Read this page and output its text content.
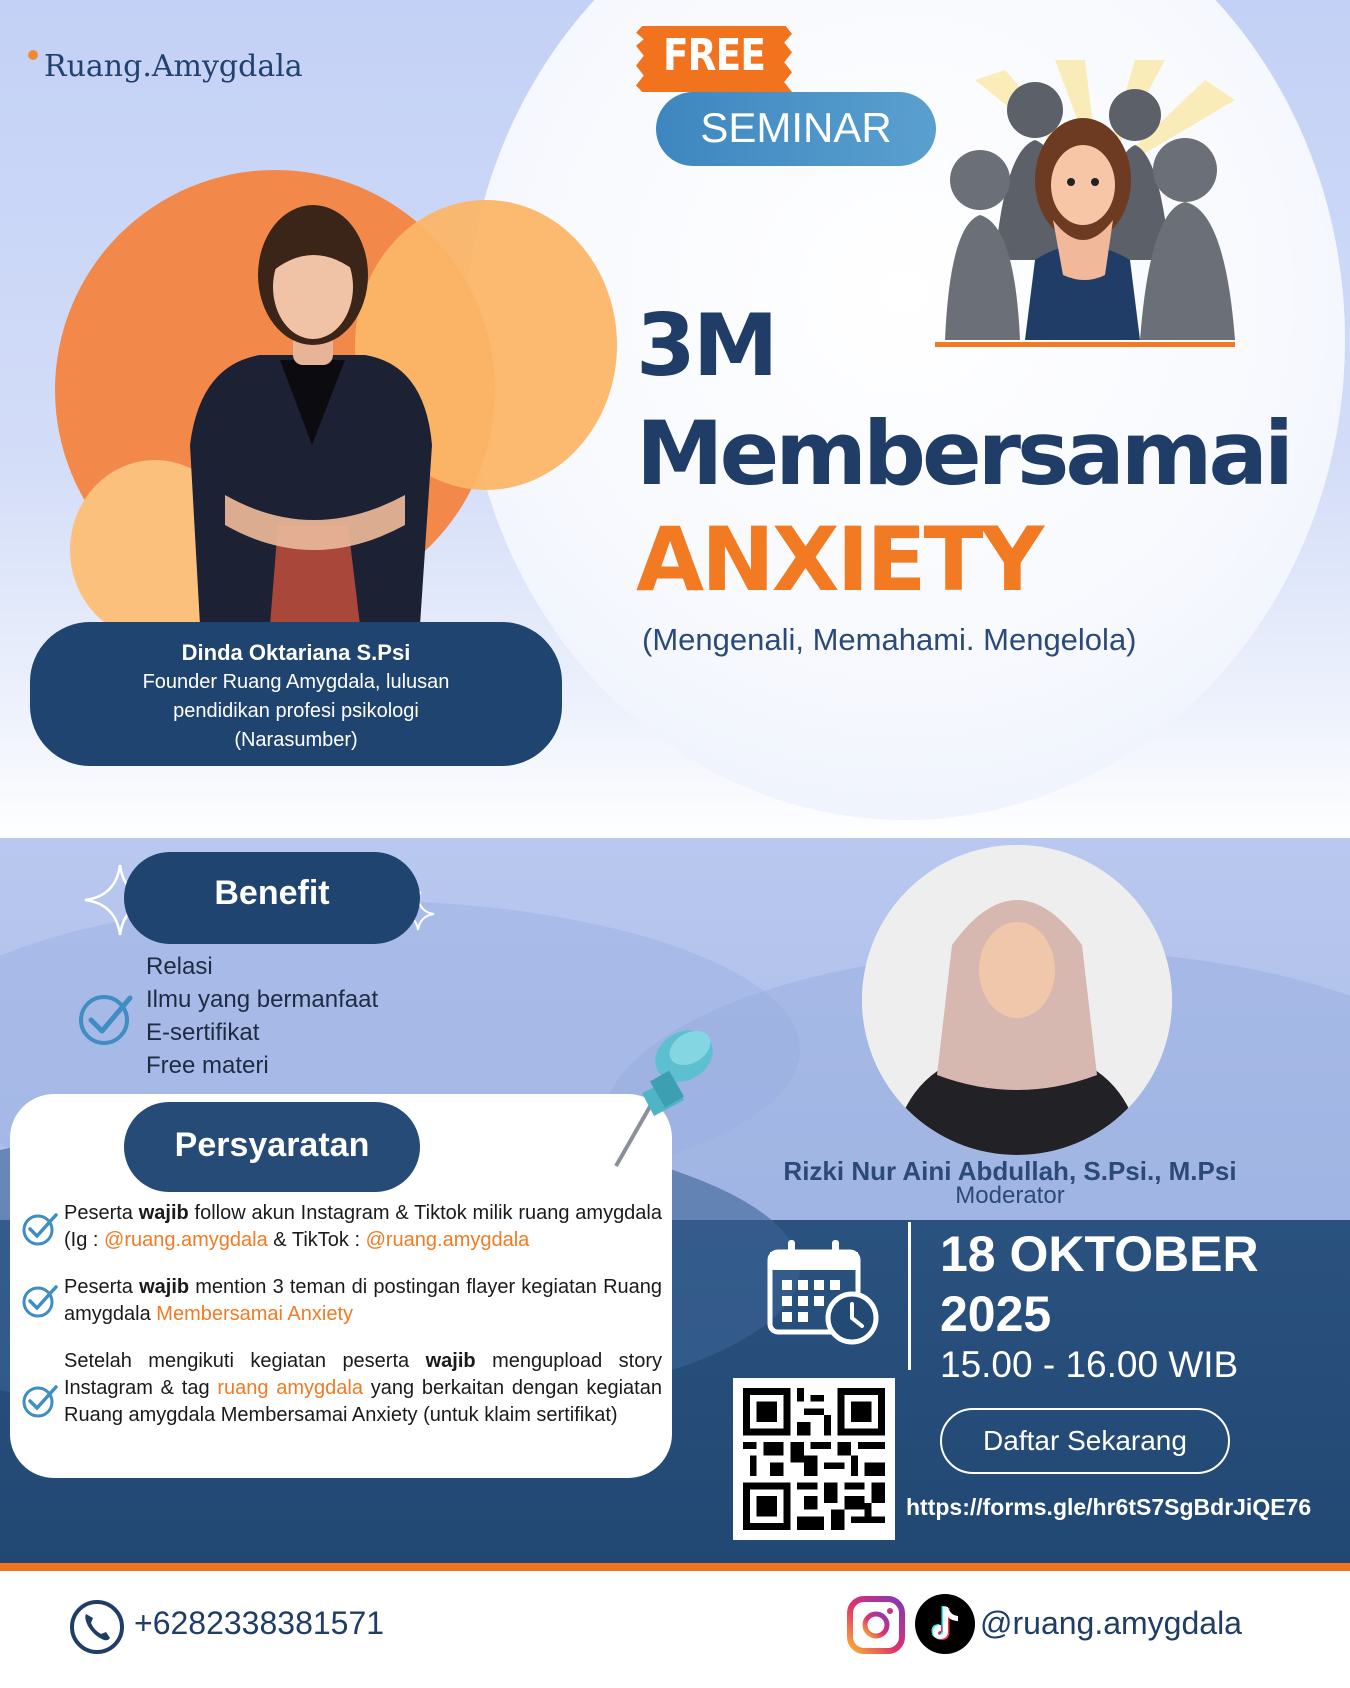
Ruang.Amygdala
Dinda Oktariana S.Psi
Founder Ruang Amygdala, lulusan
pendidikan profesi psikologi
(Narasumber)
FREE
SEMINAR
3M
Membersamai
ANXIETY
(Mengenali, Memahami. Mengelola)
Benefit
Relasi
Ilmu yang bermanfaat
E-sertifikat
Free materi
Persyaratan
Peserta wajib follow akun Instagram & Tiktok milik ruang amygdala (Ig : @ruang.amygdala & TikTok : @ruang.amygdala
Peserta wajib mention 3 teman di postingan flayer kegiatan Ruang amygdala Membersamai Anxiety
Setelah mengikuti kegiatan peserta wajib mengupload story Instagram & tag ruang amygdala yang berkaitan dengan kegiatan Ruang amygdala Membersamai Anxiety (untuk klaim sertifikat)
Rizki Nur Aini Abdullah, S.Psi., M.Psi
Moderator
18 OKTOBER
2025
15.00 - 16.00 WIB
Daftar Sekarang
https://forms.gle/hr6tS7SgBdrJiQE76
+6282338381571	@ruang.amygdala
